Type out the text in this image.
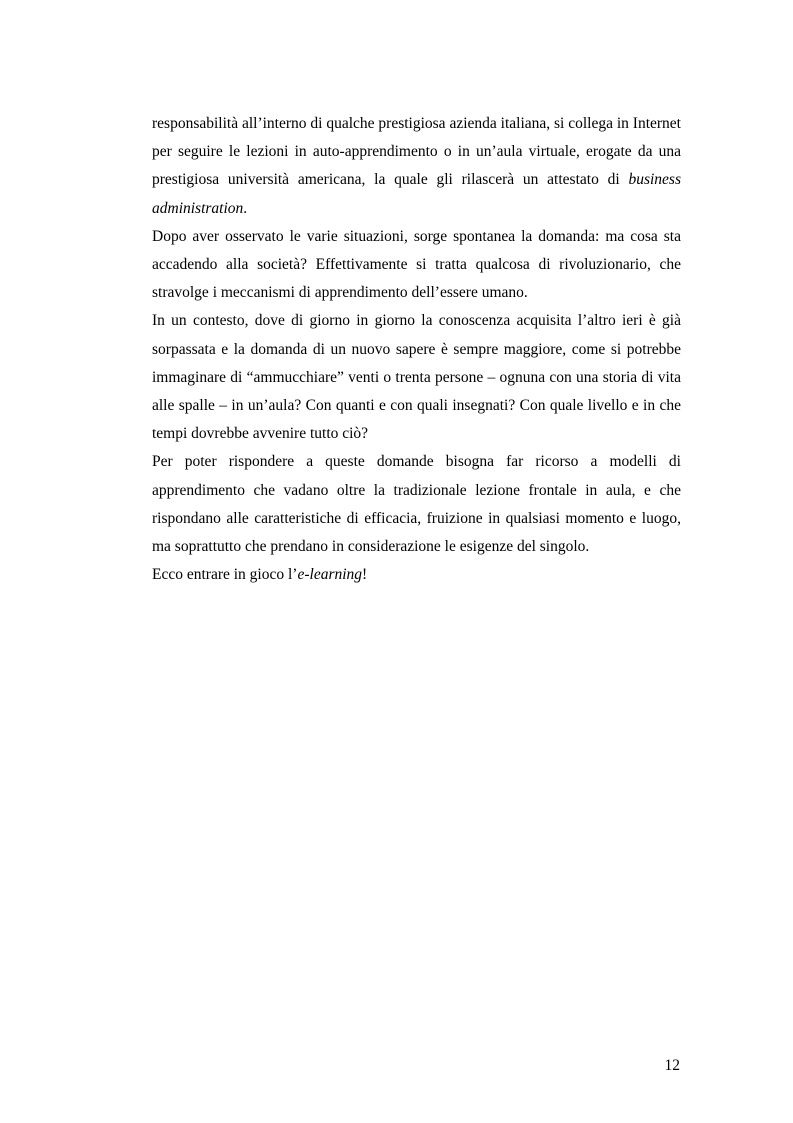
responsabilità all’interno di qualche prestigiosa azienda italiana, si collega in Internet per seguire le lezioni in auto-apprendimento o in un’aula virtuale, erogate da una prestigiosa università americana, la quale gli rilascerà un attestato di business administration.

Dopo aver osservato le varie situazioni, sorge spontanea la domanda: ma cosa sta accadendo alla società? Effettivamente si tratta qualcosa di rivoluzionario, che stravolge i meccanismi di apprendimento dell’essere umano.

In un contesto, dove di giorno in giorno la conoscenza acquisita l’altro ieri è già sorpassata e la domanda di un nuovo sapere è sempre maggiore, come si potrebbe immaginare di “ammucchiare” venti o trenta persone – ognuna con una storia di vita alle spalle – in un’aula? Con quanti e con quali insegnati? Con quale livello e in che tempi dovrebbe avvenire tutto ciò?

Per poter rispondere a queste domande bisogna far ricorso a modelli di apprendimento che vadano oltre la tradizionale lezione frontale in aula, e che rispondano alle caratteristiche di efficacia, fruizione in qualsiasi momento e luogo, ma soprattutto che prendano in considerazione le esigenze del singolo.

Ecco entrare in gioco l’e-learning!

12
